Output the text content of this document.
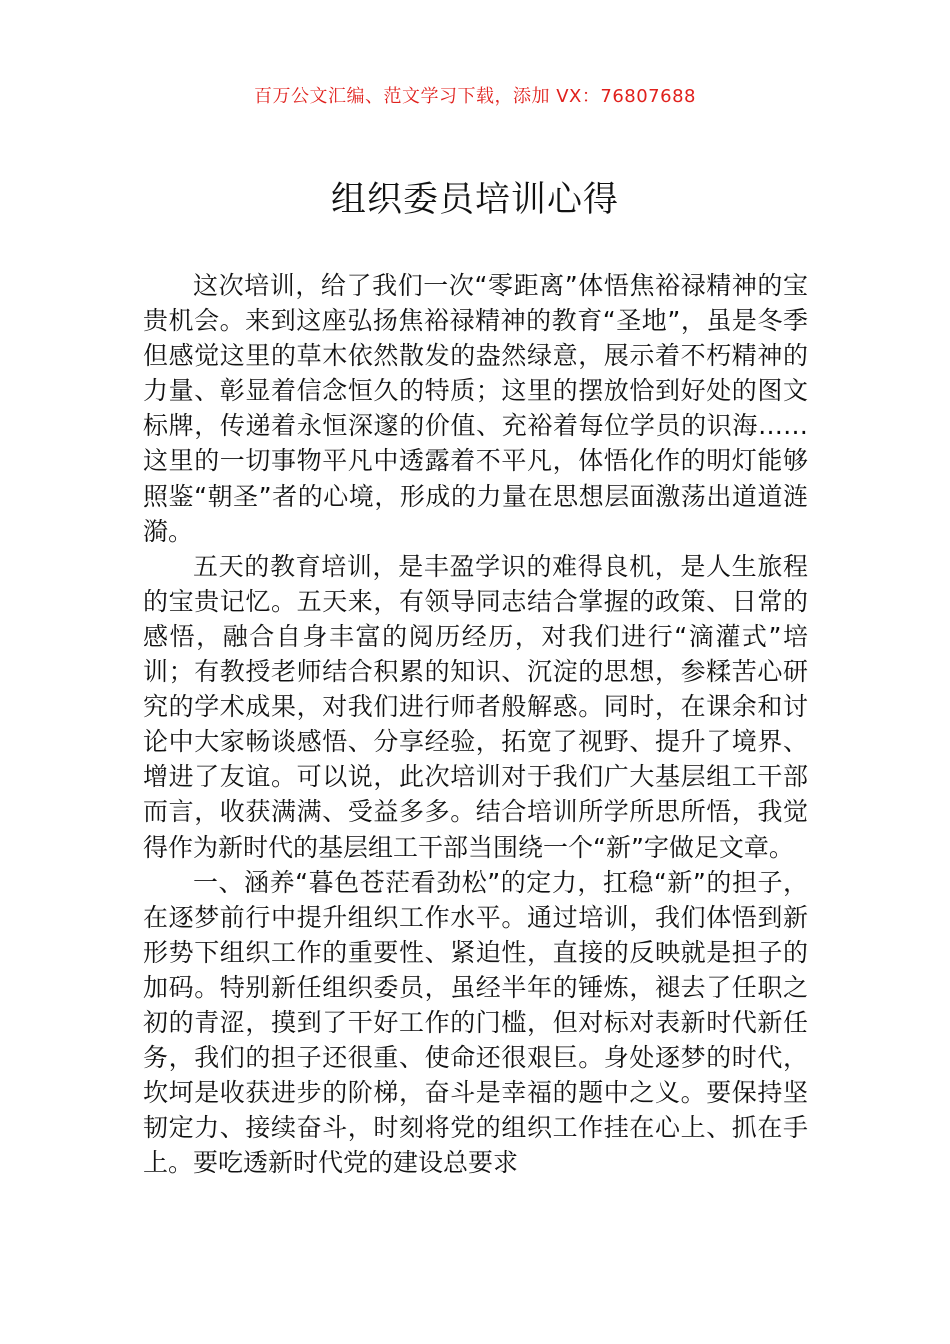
百万公文汇编、范文学习下载，添加 VX：76807688
组织委员培训心得

这次培训，给了我们一次“零距离”体悟焦裕禄精神的宝贵机会。来到这座弘扬焦裕禄精神的教育“圣地”，虽是冬季但感觉这里的草木依然散发的盎然绿意，展示着不朽精神的力量、彰显着信念恒久的特质；这里的摆放恰到好处的图文标牌，传递着永恒深邃的价值、充裕着每位学员的识海……这里的一切事物平凡中透露着不平凡，体悟化作的明灯能够照鉴“朝圣”者的心境，形成的力量在思想层面激荡出道道涟漪。

五天的教育培训，是丰盈学识的难得良机，是人生旅程的宝贵记忆。五天来，有领导同志结合掌握的政策、日常的感悟，融合自身丰富的阅历经历，对我们进行“滴灌式”培训；有教授老师结合积累的知识、沉淀的思想，参糅苦心研究的学术成果，对我们进行师者般解惑。同时，在课余和讨论中大家畅谈感悟、分享经验，拓宽了视野、提升了境界、增进了友谊。可以说，此次培训对于我们广大基层组工干部而言，收获满满、受益多多。结合培训所学所思所悟，我觉得作为新时代的基层组工干部当围绕一个“新”字做足文章。

一、涵养“暮色苍茫看劲松”的定力，扛稳“新”的担子，在逐梦前行中提升组织工作水平。通过培训，我们体悟到新形势下组织工作的重要性、紧迫性，直接的反映就是担子的加码。特别新任组织委员，虽经半年的锤炼，褪去了任职之初的青涩，摸到了干好工作的门槛，但对标对表新时代新任务，我们的担子还很重、使命还很艰巨。身处逐梦的时代，坎坷是收获进步的阶梯，奋斗是幸福的题中之义。要保持坚韧定力、接续奋斗，时刻将党的组织工作挂在心上、抓在手上。要吃透新时代党的建设总要求
